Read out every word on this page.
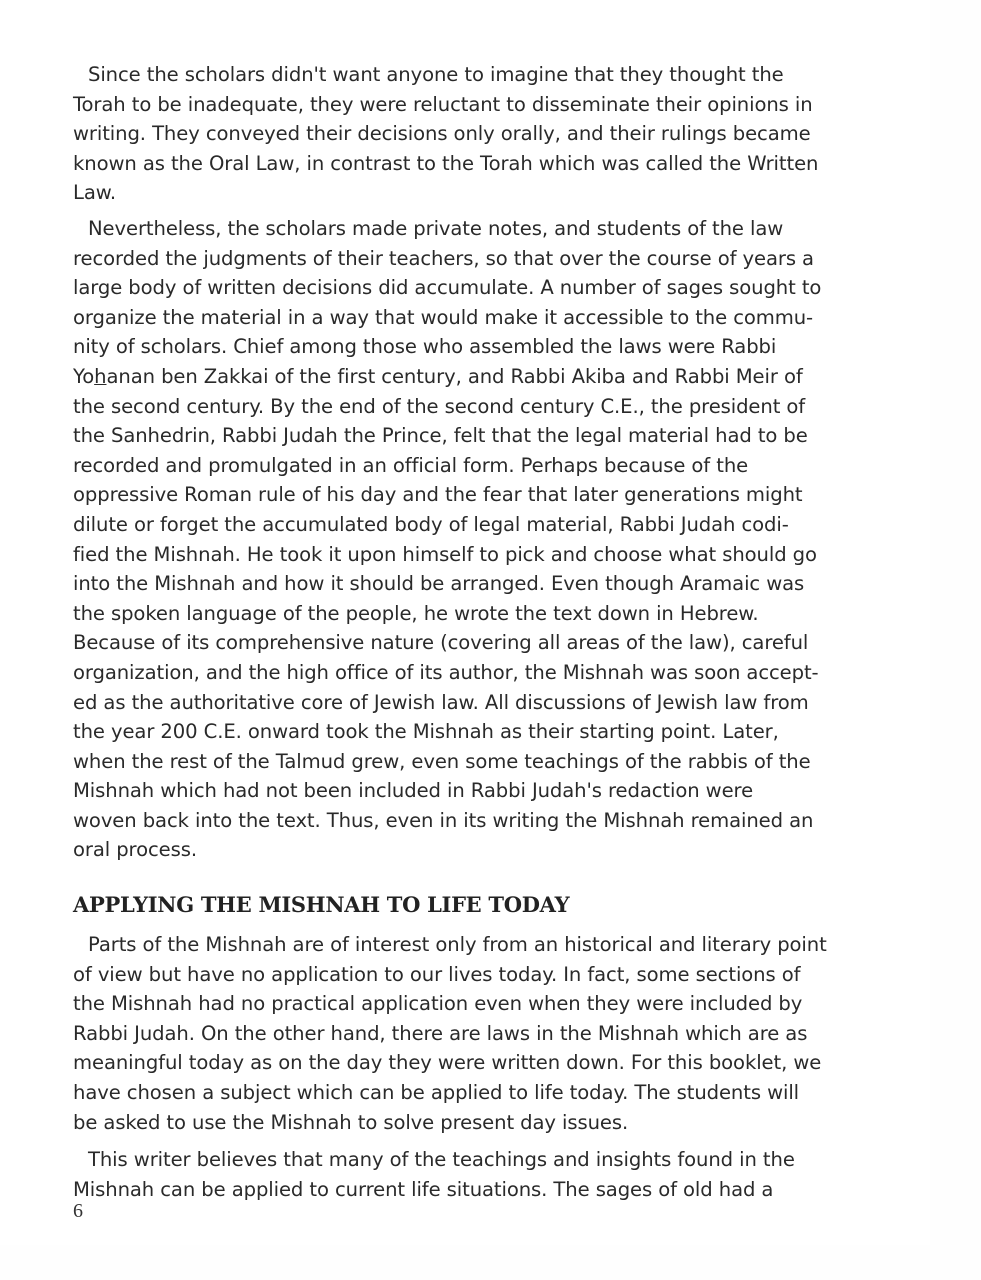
Since the scholars didn't want anyone to imagine that they thought the
Torah to be inadequate, they were reluctant to disseminate their opinions in
writing. They conveyed their decisions only orally, and their rulings became
known as the Oral Law, in contrast to the Torah which was called the Written
Law.
Nevertheless, the scholars made private notes, and students of the law
recorded the judgments of their teachers, so that over the course of years a
large body of written decisions did accumulate. A number of sages sought to
organize the material in a way that would make it accessible to the commu-
nity of scholars. Chief among those who assembled the laws were Rabbi
Yohanan ben Zakkai of the first century, and Rabbi Akiba and Rabbi Meir of
the second century. By the end of the second century C.E., the president of
the Sanhedrin, Rabbi Judah the Prince, felt that the legal material had to be
recorded and promulgated in an official form. Perhaps because of the
oppressive Roman rule of his day and the fear that later generations might
dilute or forget the accumulated body of legal material, Rabbi Judah codi-
fied the Mishnah. He took it upon himself to pick and choose what should go
into the Mishnah and how it should be arranged. Even though Aramaic was
the spoken language of the people, he wrote the text down in Hebrew.
Because of its comprehensive nature (covering all areas of the law), careful
organization, and the high office of its author, the Mishnah was soon accept-
ed as the authoritative core of Jewish law. All discussions of Jewish law from
the year 200 C.E. onward took the Mishnah as their starting point. Later,
when the rest of the Talmud grew, even some teachings of the rabbis of the
Mishnah which had not been included in Rabbi Judah's redaction were
woven back into the text. Thus, even in its writing the Mishnah remained an
oral process.
APPLYING THE MISHNAH TO LIFE TODAY
Parts of the Mishnah are of interest only from an historical and literary point
of view but have no application to our lives today. In fact, some sections of
the Mishnah had no practical application even when they were included by
Rabbi Judah. On the other hand, there are laws in the Mishnah which are as
meaningful today as on the day they were written down. For this booklet, we
have chosen a subject which can be applied to life today. The students will
be asked to use the Mishnah to solve present day issues.
This writer believes that many of the teachings and insights found in the
Mishnah can be applied to current life situations. The sages of old had a
6
